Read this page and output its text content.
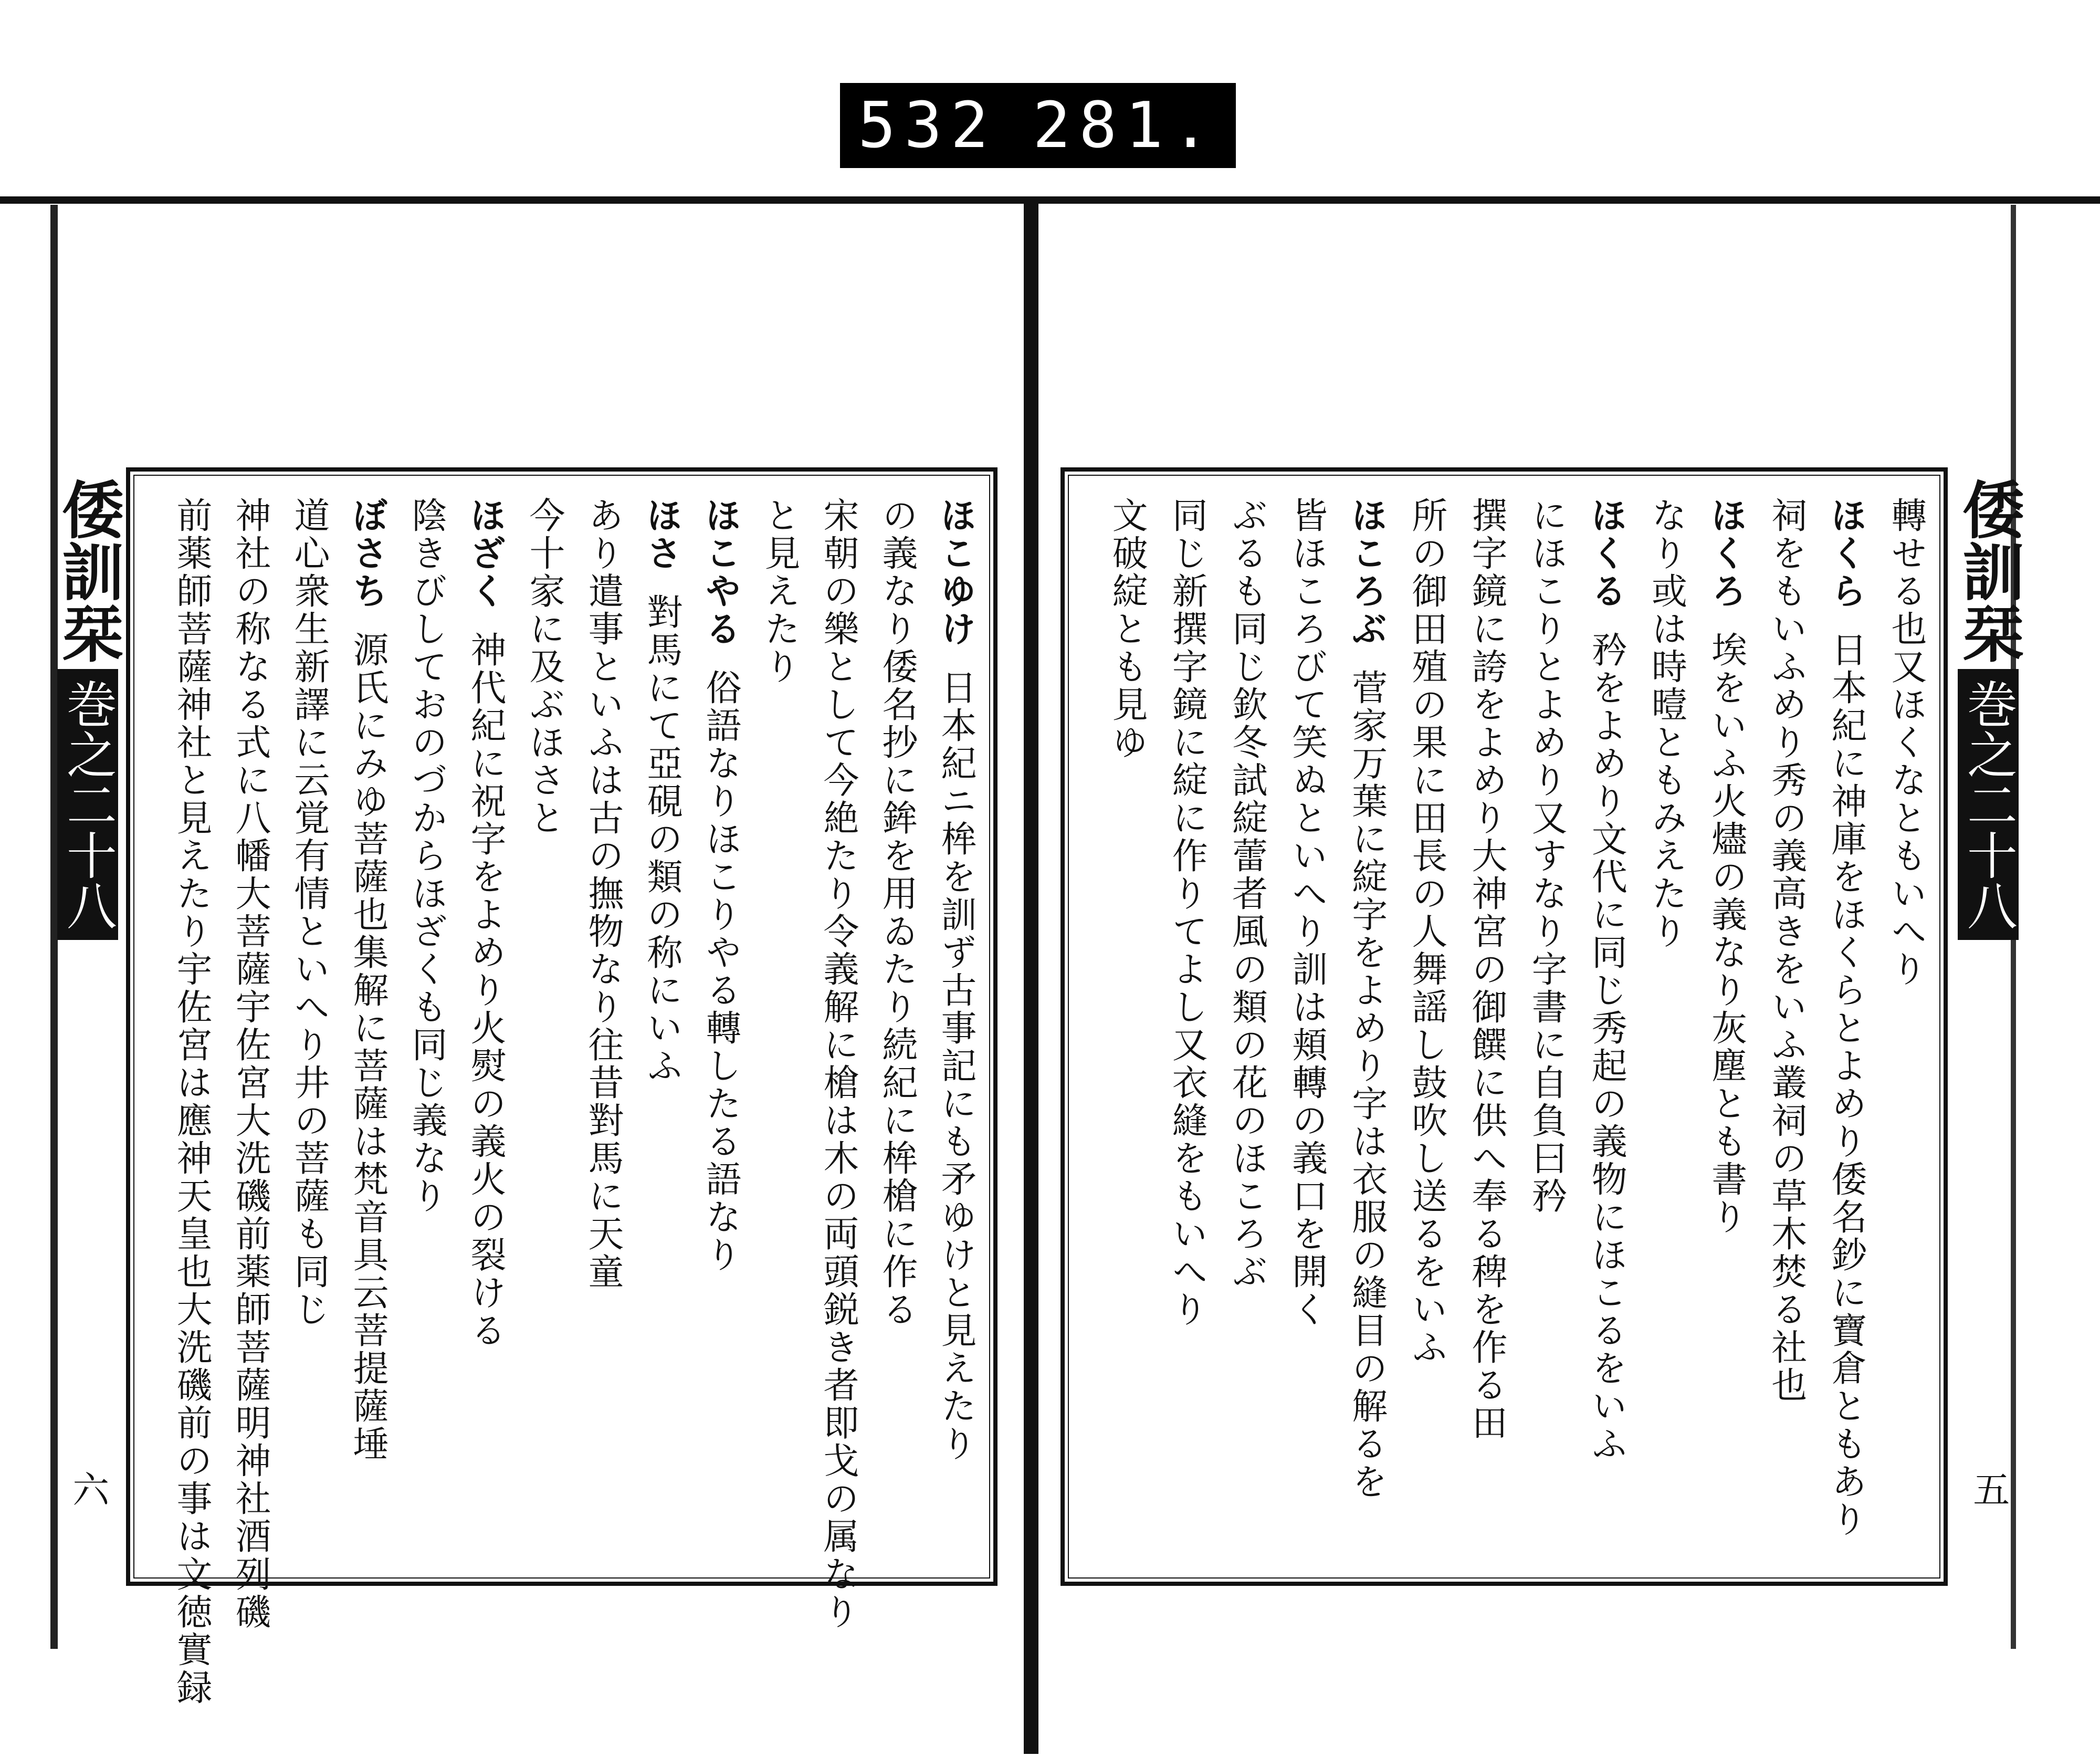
532 281.
倭訓栞
巻之二十八
六
倭訓栞
巻之二十八
五
ほこゆけ日本紀ニ桙を訓ず古事記にも矛ゆけと見えたり
の義なり倭名抄に鉾を用ゐたり続紀に桙槍に作る
宋朝の樂として今絶たり令義解に槍は木の両頭鋭き者即戈の属なり
と見えたり
ほこやる俗語なりほこりやる轉したる語なり
ほさ對馬にて亞硯の類の称にいふ
あり遣事といふは古の撫物なり往昔對馬に天童
今十家に及ぶほさと
ほざく神代紀に祝字をよめり火熨の義火の裂ける
陰きびしておのづからほざくも同じ義なり
ぼさち源氏にみゆ菩薩也集解に菩薩は梵音具云菩提薩埵
道心衆生新譯に云覚有情といへり井の菩薩も同じ
神社の称なる式に八幡大菩薩宇佐宮大洗磯前薬師菩薩明神社酒列磯
前薬師菩薩神社と見えたり宇佐宮は應神天皇也大洗磯前の事は文徳實録	轉せる也又ほくなともいへり
ほくら日本紀に神庫をほくらとよめり倭名鈔に寶倉ともあり
祠をもいふめり秀の義高きをいふ叢祠の草木焚る社也
ほくろ埃をいふ火燼の義なり灰塵とも書り
なり或は時曀ともみえたり
ほくる矜をよめり文代に同じ秀起の義物にほこるをいふ
にほこりとよめり又すなり字書に自負曰矜
撰字鏡に誇をよめり大神宮の御饌に供へ奉る稗を作る田
所の御田殖の果に田長の人舞謡し鼓吹し送るをいふ
ほころぶ菅家万葉に綻字をよめり字は衣服の縫目の解るを
皆ほころびて笑ぬといへり訓は頬轉の義口を開く
ぶるも同じ欽冬試綻蕾者風の類の花のほころぶ
同じ新撰字鏡に綻に作りてよし又衣縫をもいへり
文破綻とも見ゆ
